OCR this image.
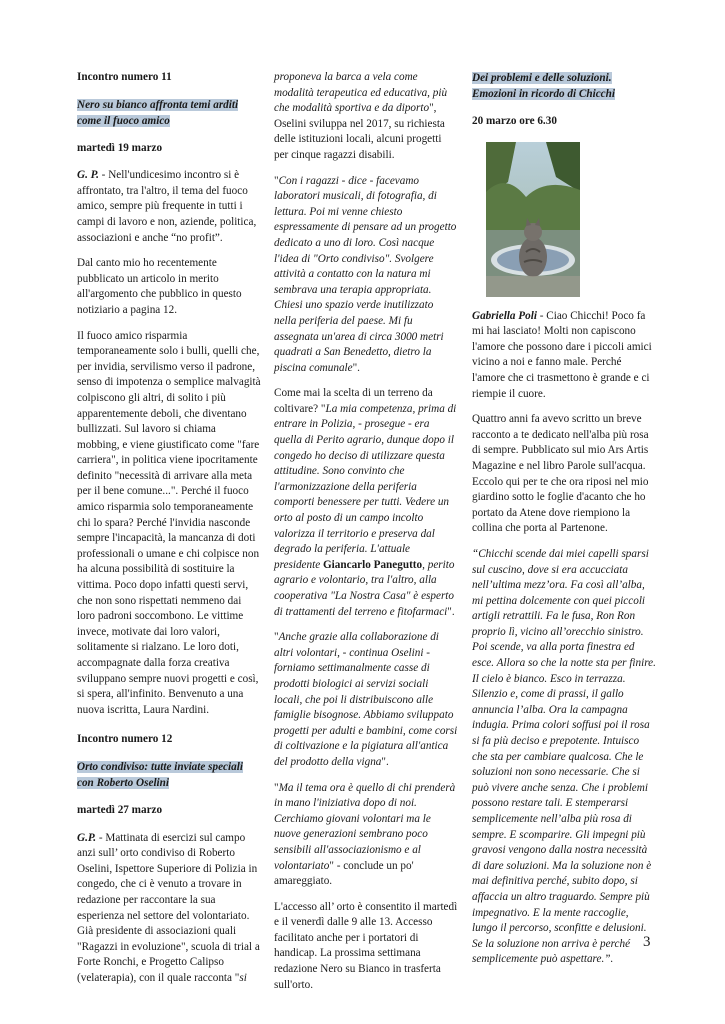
Incontro numero 11

Nero su bianco affronta temi arditi come il fuoco amico

martedì 19 marzo

G. P. - Nell'undicesimo incontro si è affrontato, tra l'altro, il tema del fuoco amico, sempre più frequente in tutti i campi di lavoro e non, aziende, politica, associazioni e anche “no profit”.

Dal canto mio ho recentemente pubblicato un articolo in merito all'argomento che pubblico in questo notiziario a pagina 12.

Il fuoco amico risparmia temporaneamente solo i bulli, quelli che, per invidia, servilismo verso il padrone, senso di impotenza o semplice malvagità colpiscono gli altri, di solito i più apparentemente deboli, che diventano bullizzati. Sul lavoro si chiama mobbing, e viene giustificato come "fare carriera", in politica viene ipocritamente definito "necessità di arrivare alla meta per il bene comune...". Perché il fuoco amico risparmia solo temporaneamente chi lo spara? Perché l'invidia nasconde sempre l'incapacità, la mancanza di doti professionali o umane e chi colpisce non ha alcuna possibilità di sostituire la vittima. Poco dopo infatti questi servi, che non sono rispettati nemmeno dai loro padroni soccombono. Le vittime invece, motivate dai loro valori, solitamente si rialzano. Le loro doti, accompagnate dalla forza creativa sviluppano sempre nuovi progetti e così, si spera, all'infinito. Benvenuto a una nuova iscritta, Laura Nardini.

Incontro numero 12

Orto condiviso: tutte inviate speciali con Roberto Oselini

martedì 27 marzo

G.P. - Mattinata di esercizi sul campo anzi sull’ orto condiviso di Roberto Oselini, Ispettore Superiore di Polizia in congedo, che ci è venuto a trovare in redazione per raccontare la sua esperienza nel settore del volontariato. Già presidente di associazioni quali "Ragazzi in evoluzione", scuola di trial a Forte Ronchi, e Progetto Calipso (velaterapia), con il quale racconta "si

proponeva la barca a vela come modalità terapeutica ed educativa, più che modalità sportiva e da diporto", Oselini sviluppa nel 2017, su richiesta delle istituzioni locali, alcuni progetti per cinque ragazzi disabili.

"Con i ragazzi - dice - facevamo laboratori musicali, di fotografia, di lettura. Poi mi venne chiesto espressamente di pensare ad un progetto dedicato a uno di loro. Così nacque l'idea di "Orto condiviso". Svolgere attività a contatto con la natura mi sembrava una terapia appropriata. Chiesi uno spazio verde inutilizzato nella periferia del paese. Mi fu assegnata un'area di circa 3000 metri quadrati a San Benedetto, dietro la piscina comunale".

Come mai la scelta di un terreno da coltivare? "La mia competenza, prima di entrare in Polizia, - prosegue - era quella di Perito agrario, dunque dopo il congedo ho deciso di utilizzare questa attitudine. Sono convinto che l'armonizzazione della periferia comporti benessere per tutti. Vedere un orto al posto di un campo incolto valorizza il territorio e preserva dal degrado la periferia. L'attuale presidente Giancarlo Panegutto, perito agrario e volontario, tra l'altro, alla cooperativa "La Nostra Casa" è esperto di trattamenti del terreno e fitofarmaci".

"Anche grazie alla collaborazione di altri volontari, - continua Oselini - forniamo settimanalmente casse di prodotti biologici ai servizi sociali locali, che poi li distribuiscono alle famiglie bisognose. Abbiamo sviluppato progetti per adulti e bambini, come corsi di coltivazione e la pigiatura all'antica del prodotto della vigna".

"Ma il tema ora è quello di chi prenderà in mano l'iniziativa dopo di noi. Cerchiamo giovani volontari ma le nuove generazioni sembrano poco sensibili all'associazionismo e al volontariato" - conclude un po' amareggiato.

L'accesso all’ orto è consentito il martedì e il venerdì dalle 9 alle 13. Accesso facilitato anche per i portatori di handicap. La prossima settimana redazione Nero su Bianco in trasferta sull'orto.

Dei problemi e delle soluzioni. Emozioni in ricordo di Chicchi

20 marzo ore 6.30

Gabriella Poli - Ciao Chicchi! Poco fa mi hai lasciato! Molti non capiscono l'amore che possono dare i piccoli amici vicino a noi e fanno male. Perché l'amore che ci trasmettono è grande e ci riempie il cuore.

Quattro anni fa avevo scritto un breve racconto a te dedicato nell'alba più rosa di sempre. Pubblicato sul mio Ars Artis Magazine e nel libro Parole sull'acqua. Eccolo qui per te che ora riposi nel mio giardino sotto le foglie d'acanto che ho portato da Atene dove riempiono la collina che porta al Partenone.

“Chicchi scende dai miei capelli sparsi sul cuscino, dove si era accucciata nell’ultima mezz’ora. Fa così all’alba, mi pettina dolcemente con quei piccoli artigli retrattili. Fa le fusa, Ron Ron proprio lì, vicino all’orecchio sinistro. Poi scende, va alla porta finestra ed esce. Allora so che la notte sta per finire. Il cielo è bianco. Esco in terrazza. Silenzio e, come di prassi, il gallo annuncia l’alba. Ora la campagna indugia. Prima colori soffusi poi il rosa si fa più deciso e prepotente. Intuisco che sta per cambiare qualcosa. Che le soluzioni non sono necessarie. Che si può vivere anche senza. Che i problemi possono restare tali. E stemperarsi semplicemente nell’alba più rosa di sempre. E scomparire. Gli impegni più gravosi vengono dalla nostra necessità di dare soluzioni. Ma la soluzione non è mai definitiva perché, subito dopo, si affaccia un altro traguardo. Sempre più impegnativo. E la mente raccoglie, lungo il percorso, sconfitte e delusioni. Se la soluzione non arriva è perché semplicemente può aspettare.”.

3
